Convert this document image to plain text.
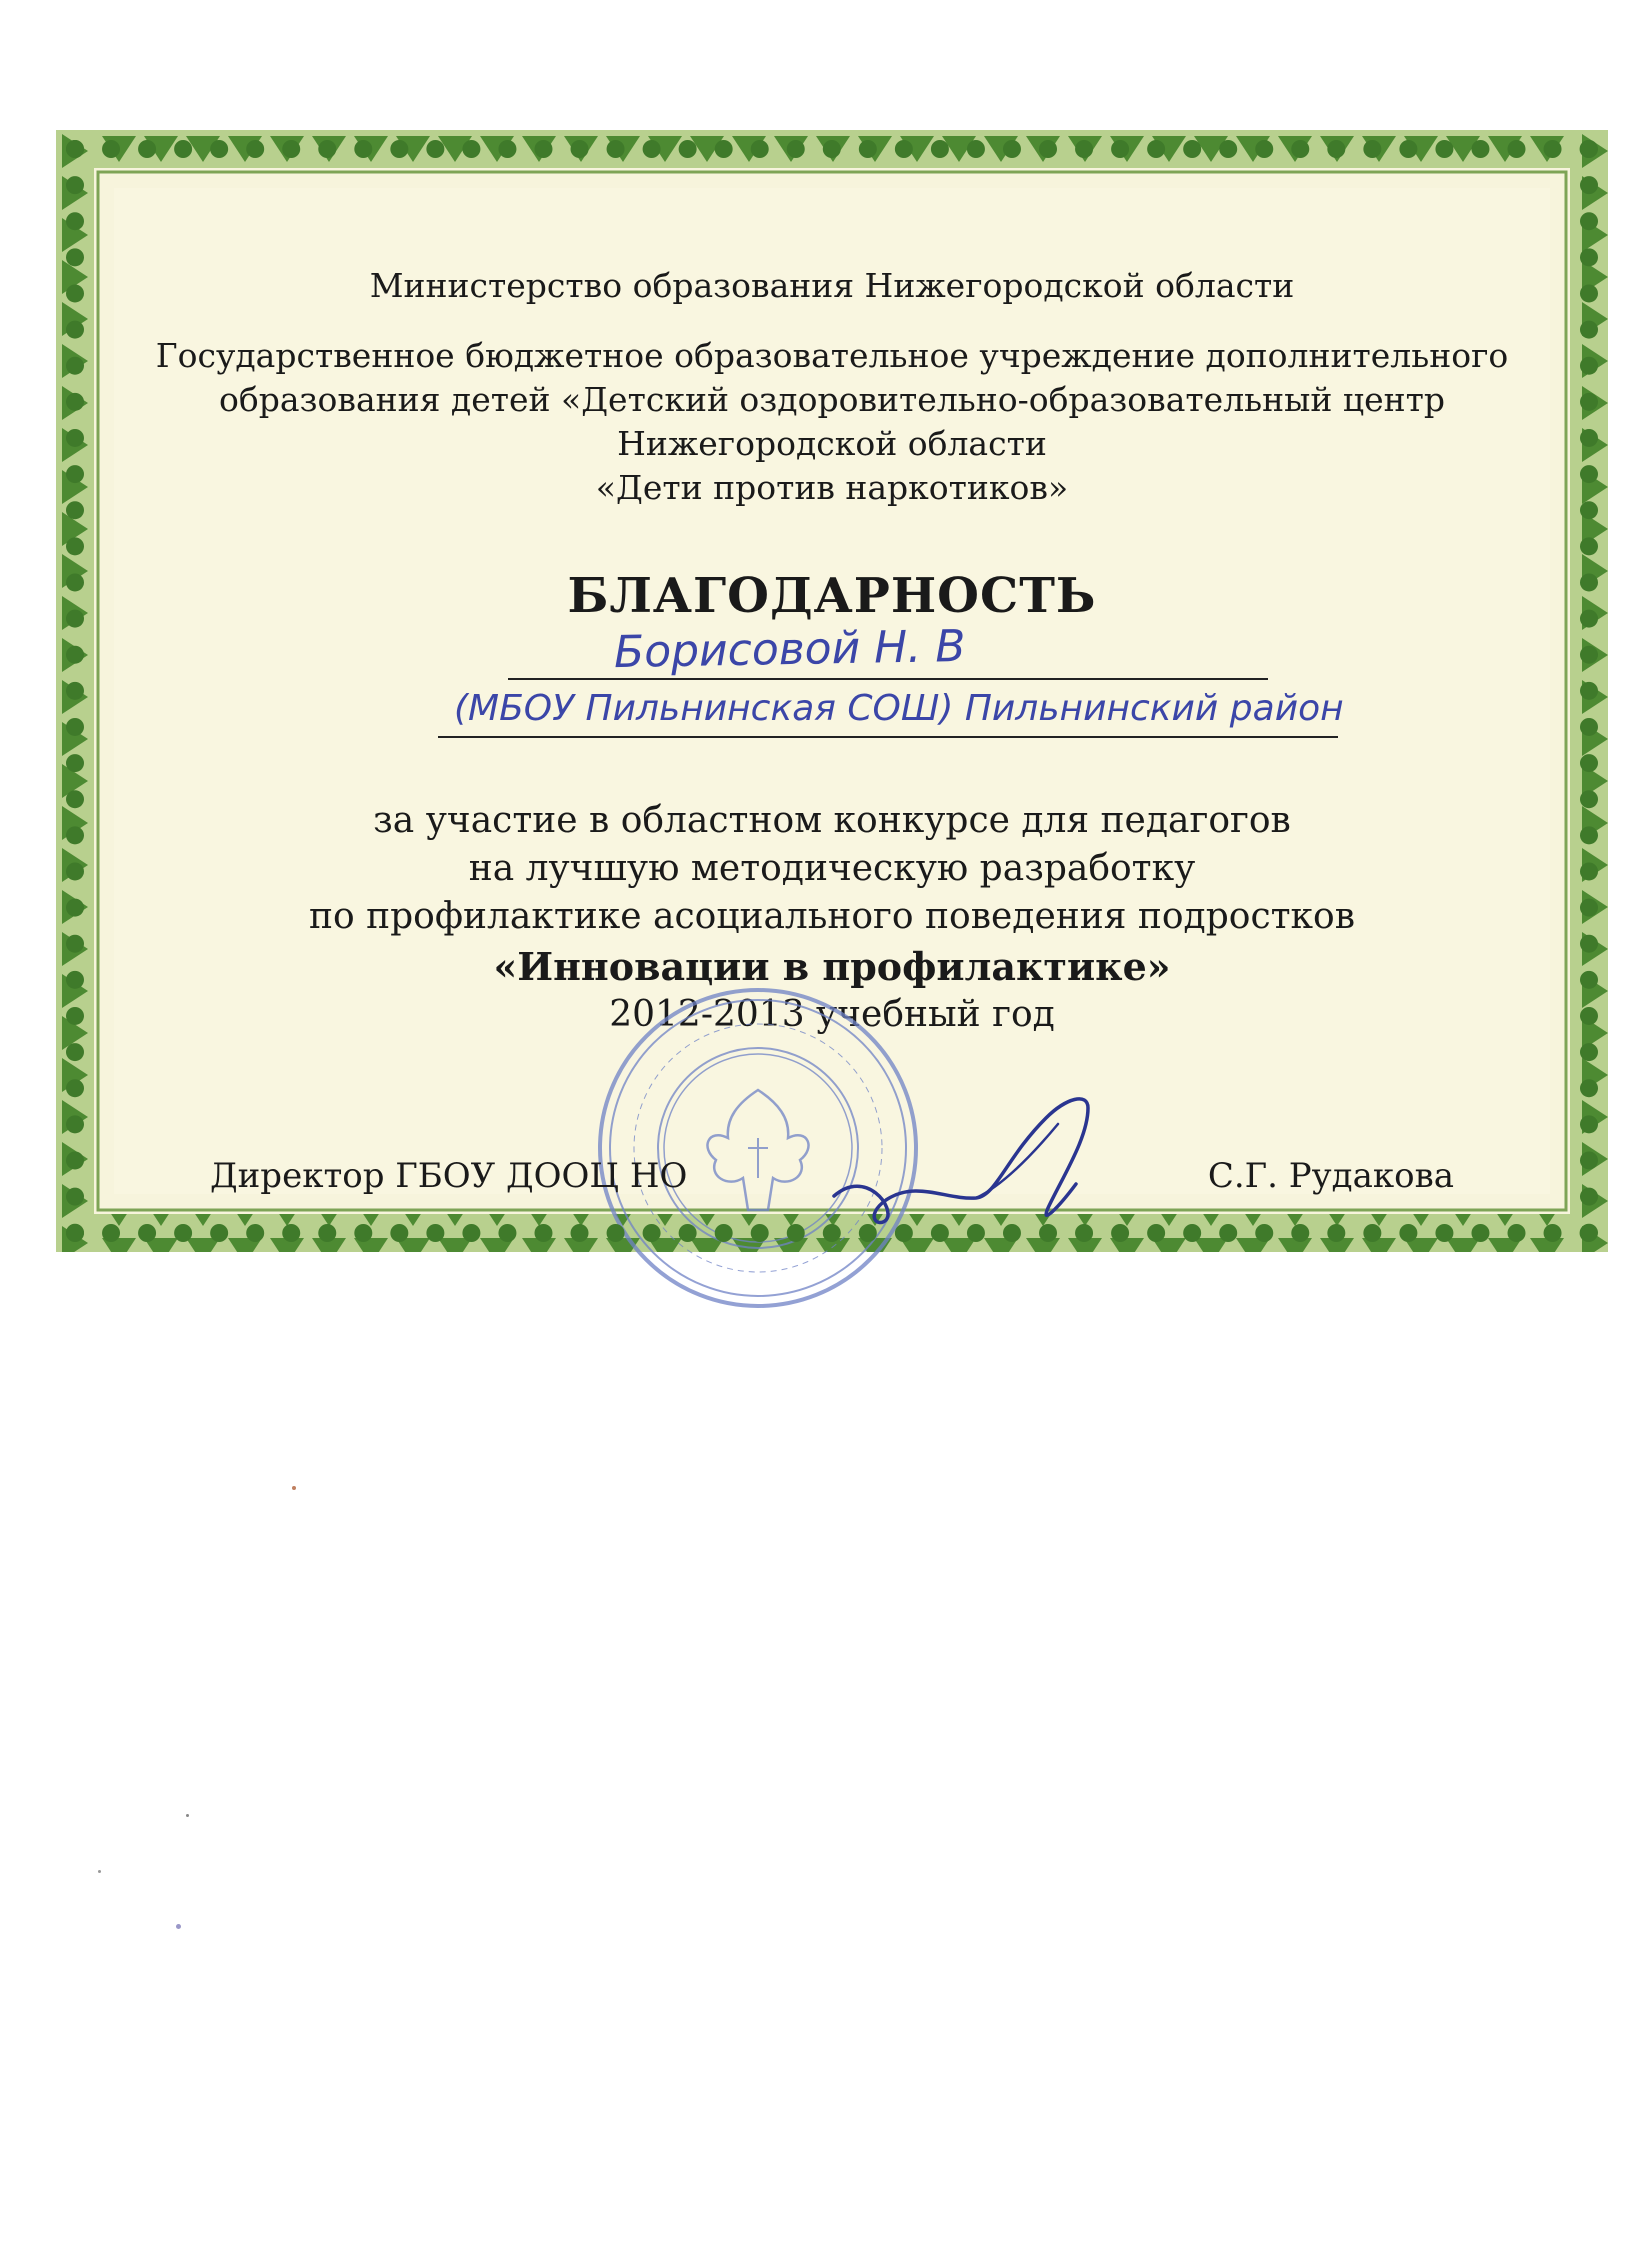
Министерство образования Нижегородской области
Государственное бюджетное образовательное учреждение дополнительного
образования детей «Детский оздоровительно-образовательный центр
Нижегородской области
«Дети против наркотиков»
БЛАГОДАРНОСТЬ
Борисовой Н. В
(МБОУ Пильнинская СОШ) Пильнинский район
за участие в областном конкурсе для педагогов
на лучшую методическую разработку
по профилактике асоциального поведения подростков
«Инновации в профилактике»
2012-2013 учебный год
Директор ГБОУ ДООЦ НО	С.Г. Рудакова
